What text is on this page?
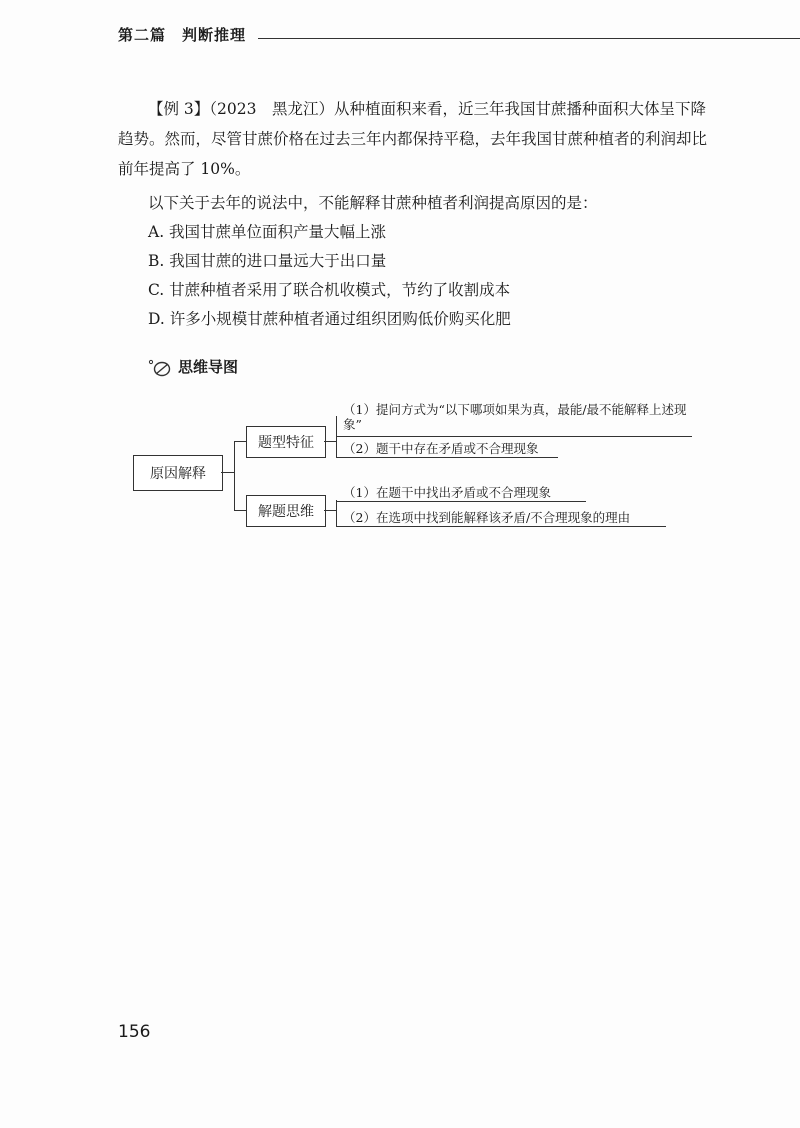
第二篇　判断推理

【例 3】（2023　黑龙江）从种植面积来看，近三年我国甘蔗播种面积大体呈下降趋势。然而，尽管甘蔗价格在过去三年内都保持平稳，去年我国甘蔗种植者的利润却比前年提高了 10%。

以下关于去年的说法中，不能解释甘蔗种植者利润提高原因的是：

A. 我国甘蔗单位面积产量大幅上涨

B. 我国甘蔗的进口量远大于出口量

C. 甘蔗种植者采用了联合机收模式，节约了收割成本

D. 许多小规模甘蔗种植者通过组织团购低价购买化肥

思维导图
原因解释
题型特征
解题思维
（1）提问方式为“以下哪项如果为真，最能/最不能解释上述现象”
（2）题干中存在矛盾或不合理现象
（1）在题干中找出矛盾或不合理现象
（2）在选项中找到能解释该矛盾/不合理现象的理由
156
